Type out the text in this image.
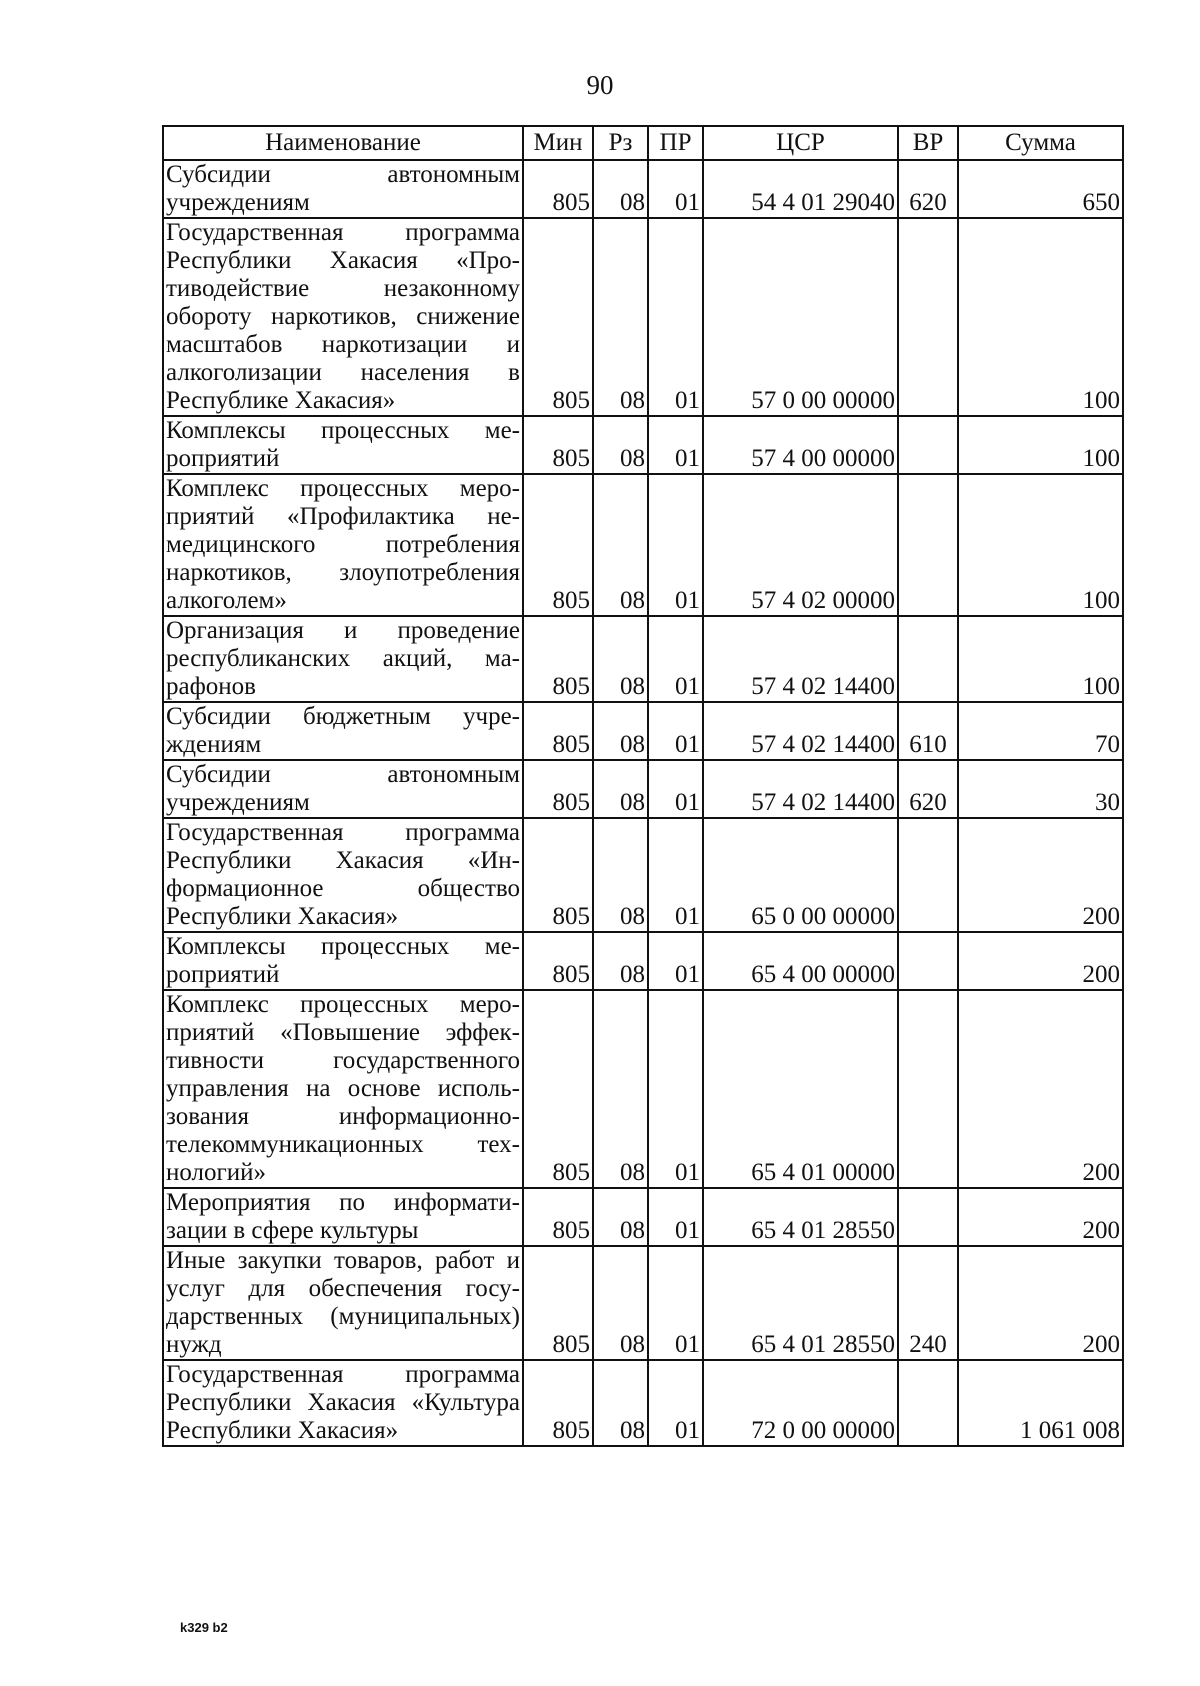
90
Наименование	Мин	Рз	ПР	ЦСР	ВР	Сумма
Субсидии автономным учреждениям	805	08	01	54 4 01 29040	620	650
Государственная программа Республики Хакасия «Противодействие незаконному обороту наркотиков, снижение масштабов наркотизации и алкоголизации населения в Республике Хакасия»	805	08	01	57 0 00 00000		100
Комплексы процессных мероприятий	805	08	01	57 4 00 00000		100
Комплекс процессных мероприятий «Профилактика немедицинского потребления наркотиков, злоупотребления алкоголем»	805	08	01	57 4 02 00000		100
Организация и проведение республиканских акций, марафонов	805	08	01	57 4 02 14400		100
Субсидии бюджетным учреждениям	805	08	01	57 4 02 14400	610	70
Субсидии автономным учреждениям	805	08	01	57 4 02 14400	620	30
Государственная программа Республики Хакасия «Информационное общество Республики Хакасия»	805	08	01	65 0 00 00000		200
Комплексы процессных мероприятий	805	08	01	65 4 00 00000		200
Комплекс процессных мероприятий «Повышение эффективности государственного управления на основе использования информационно-телекоммуникационных технологий»	805	08	01	65 4 01 00000		200
Мероприятия по информатизации в сфере культуры	805	08	01	65 4 01 28550		200
Иные закупки товаров, работ и услуг для обеспечения государственных (муниципальных) нужд	805	08	01	65 4 01 28550	240	200
Государственная программа Республики Хакасия «Культура Республики Хакасия»	805	08	01	72 0 00 00000		1 061 008
k329 b2
